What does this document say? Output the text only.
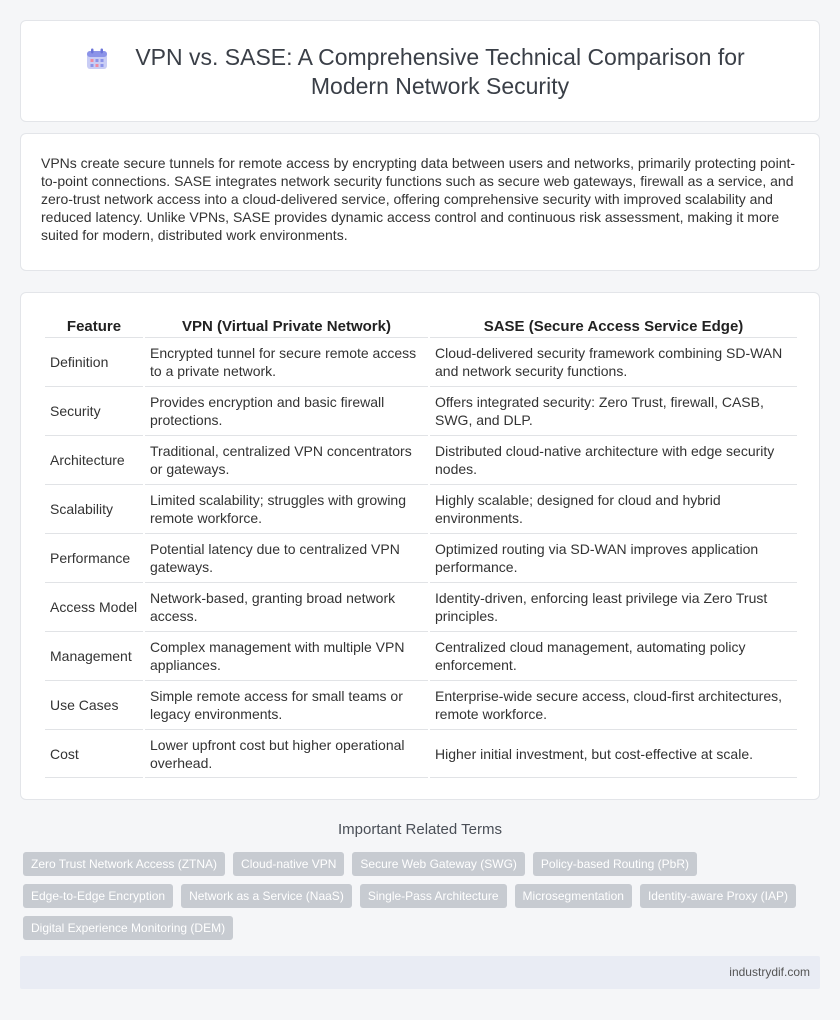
VPN vs. SASE: A Comprehensive Technical Comparison for Modern Network Security

VPNs create secure tunnels for remote access by encrypting data between users and networks, primarily protecting point-to-point connections. SASE integrates network security functions such as secure web gateways, firewall as a service, and zero-trust network access into a cloud-delivered service, offering comprehensive security with improved scalability and reduced latency. Unlike VPNs, SASE provides dynamic access control and continuous risk assessment, making it more suited for modern, distributed work environments.

Feature	VPN (Virtual Private Network)	SASE (Secure Access Service Edge)
Definition	Encrypted tunnel for secure remote access to a private network.	Cloud-delivered security framework combining SD-WAN and network security functions.
Security	Provides encryption and basic firewall protections.	Offers integrated security: Zero Trust, firewall, CASB, SWG, and DLP.
Architecture	Traditional, centralized VPN concentrators or gateways.	Distributed cloud-native architecture with edge security nodes.
Scalability	Limited scalability; struggles with growing remote workforce.	Highly scalable; designed for cloud and hybrid environments.
Performance	Potential latency due to centralized VPN gateways.	Optimized routing via SD-WAN improves application performance.
Access Model	Network-based, granting broad network access.	Identity-driven, enforcing least privilege via Zero Trust principles.
Management	Complex management with multiple VPN appliances.	Centralized cloud management, automating policy enforcement.
Use Cases	Simple remote access for small teams or legacy environments.	Enterprise-wide secure access, cloud-first architectures, remote workforce.
Cost	Lower upfront cost but higher operational overhead.	Higher initial investment, but cost-effective at scale.
Important Related Terms
Zero Trust Network Access (ZTNA)	Cloud-native VPN	Secure Web Gateway (SWG)	Policy-based Routing (PbR)
Edge-to-Edge Encryption	Network as a Service (NaaS)	Single-Pass Architecture	Microsegmentation	Identity-aware Proxy (IAP)
Digital Experience Monitoring (DEM)
industrydif.com
